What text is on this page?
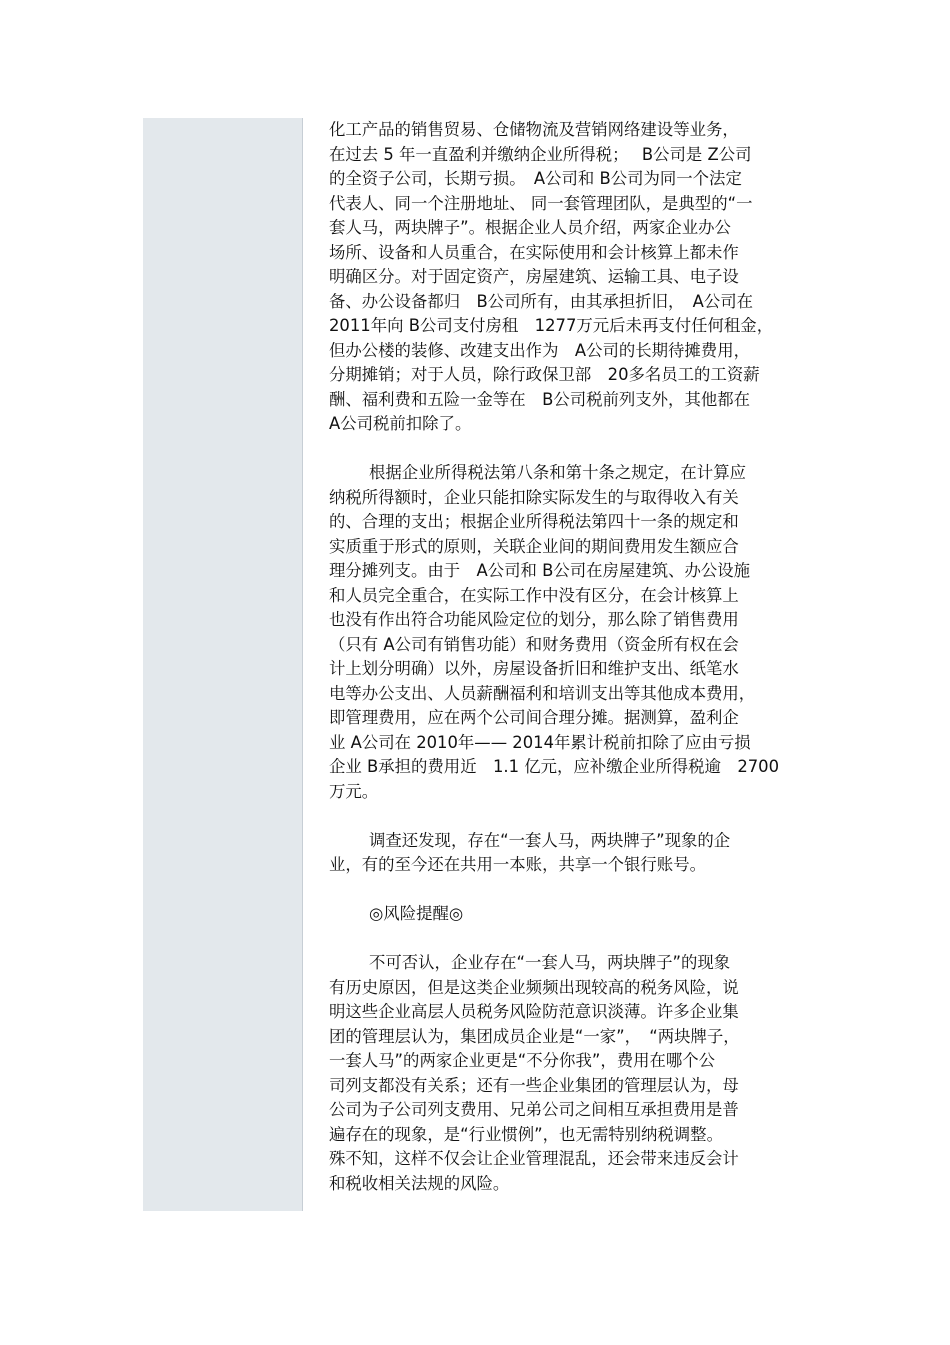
化工产品的销售贸易、仓储物流及营销网络建设等业务，
在过去 5 年一直盈利并缴纳企业所得税；　 B公司是 Z公司
的全资子公司，长期亏损。　A公司和 B公司为同一个法定
代表人、同一个注册地址、 同一套管理团队，是典型的“一
套人马，两块牌子”。根据企业人员介绍，两家企业办公
场所、设备和人员重合，在实际使用和会计核算上都未作
明确区分。对于固定资产，房屋建筑、运输工具、电子设
备、办公设备都归　B公司所有，由其承担折旧，　A公司在
2011年向 B公司支付房租　1277万元后未再支付任何租金，
但办公楼的装修、改建支出作为　A公司的长期待摊费用，
分期摊销；对于人员，除行政保卫部　20多名员工的工资薪
酬、福利费和五险一金等在　B公司税前列支外，其他都在
A公司税前扣除了。
根据企业所得税法第八条和第十条之规定，在计算应
纳税所得额时，企业只能扣除实际发生的与取得收入有关
的、合理的支出；根据企业所得税法第四十一条的规定和
实质重于形式的原则，关联企业间的期间费用发生额应合
理分摊列支。由于　A公司和 B公司在房屋建筑、办公设施
和人员完全重合，在实际工作中没有区分，在会计核算上
也没有作出符合功能风险定位的划分，那么除了销售费用
（只有 A公司有销售功能）和财务费用（资金所有权在会
计上划分明确）以外，房屋设备折旧和维护支出、纸笔水
电等办公支出、人员薪酬福利和培训支出等其他成本费用，
即管理费用，应在两个公司间合理分摊。据测算，盈利企
业 A公司在 2010年—— 2014年累计税前扣除了应由亏损
企业 B承担的费用近　1.1 亿元，应补缴企业所得税逾　2700
万元。
调查还发现，存在“一套人马，两块牌子”现象的企
业，有的至今还在共用一本账，共享一个银行账号。
◎风险提醒◎
不可否认，企业存在“一套人马，两块牌子”的现象
有历史原因，但是这类企业频频出现较高的税务风险，说
明这些企业高层人员税务风险防范意识淡薄。许多企业集
团的管理层认为，集团成员企业是“一家”，　“两块牌子，
一套人马”的两家企业更是“不分你我”，费用在哪个公
司列支都没有关系；还有一些企业集团的管理层认为，母
公司为子公司列支费用、兄弟公司之间相互承担费用是普
遍存在的现象，是“行业惯例”，也无需特别纳税调整。
殊不知，这样不仅会让企业管理混乱，还会带来违反会计
和税收相关法规的风险。
